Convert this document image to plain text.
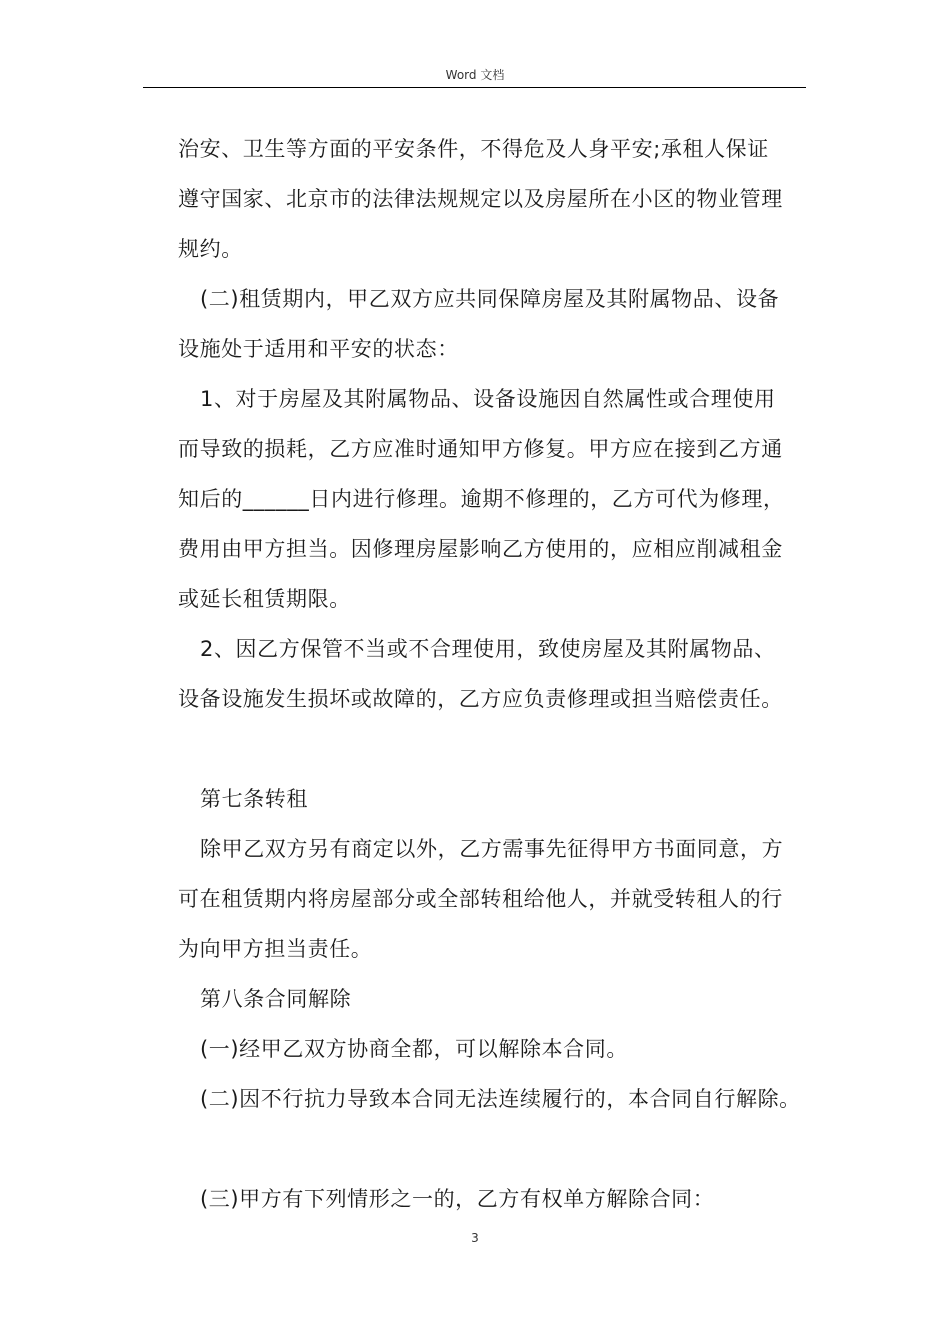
Word 文档
治安、卫生等方面的平安条件，不得危及人身平安;承租人保证
遵守国家、北京市的法律法规规定以及房屋所在小区的物业管理
规约。
(二)租赁期内，甲乙双方应共同保障房屋及其附属物品、设备
设施处于适用和平安的状态：
1、对于房屋及其附属物品、设备设施因自然属性或合理使用
而导致的损耗，乙方应准时通知甲方修复。甲方应在接到乙方通
知后的______日内进行修理。逾期不修理的，乙方可代为修理，
费用由甲方担当。因修理房屋影响乙方使用的，应相应削减租金
或延长租赁期限。
2、因乙方保管不当或不合理使用，致使房屋及其附属物品、
设备设施发生损坏或故障的，乙方应负责修理或担当赔偿责任。
第七条转租
除甲乙双方另有商定以外，乙方需事先征得甲方书面同意，方
可在租赁期内将房屋部分或全部转租给他人，并就受转租人的行
为向甲方担当责任。
第八条合同解除
(一)经甲乙双方协商全都，可以解除本合同。
(二)因不行抗力导致本合同无法连续履行的，本合同自行解除。
(三)甲方有下列情形之一的，乙方有权单方解除合同：
3
